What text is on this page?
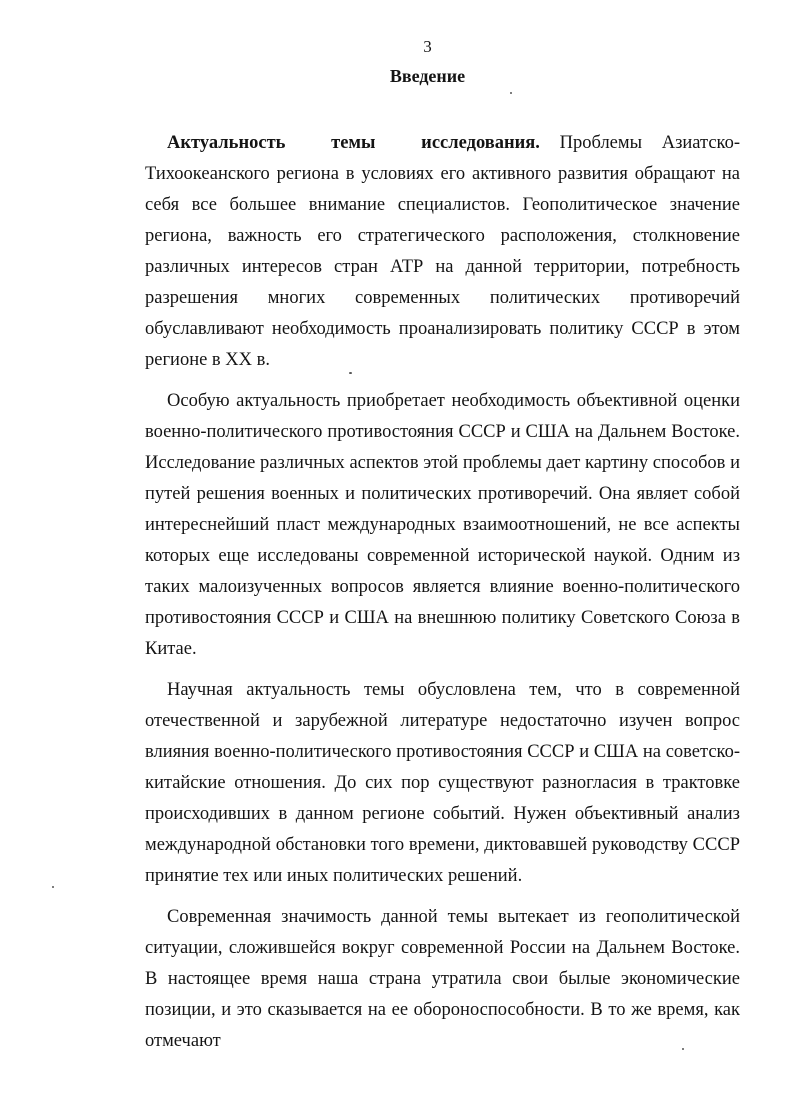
3
Введение

Актуальность темы исследования. Проблемы Азиатско-Тихоокеанского региона в условиях его активного развития обращают на себя все большее внимание специалистов. Геополитическое значение региона, важность его стратегического расположения, столкновение различных интересов стран АТР на данной территории, потребность разрешения многих современных политических противоречий обуславливают необходимость проанализировать политику СССР в этом регионе в XX в.

Особую актуальность приобретает необходимость объективной оценки военно-политического противостояния СССР и США на Дальнем Востоке. Исследование различных аспектов этой проблемы дает картину способов и путей решения военных и политических противоречий. Она являет собой интереснейший пласт международных взаимоотношений, не все аспекты которых еще исследованы современной исторической наукой. Одним из таких малоизученных вопросов является влияние военно-политического противостояния СССР и США на внешнюю политику Советского Союза в Китае.

Научная актуальность темы обусловлена тем, что в современной отечественной и зарубежной литературе недостаточно изучен вопрос влияния военно-политического противостояния СССР и США на советско-китайские отношения. До сих пор существуют разногласия в трактовке происходивших в данном регионе событий. Нужен объективный анализ международной обстановки того времени, диктовавшей руководству СССР принятие тех или иных политических решений.

Современная значимость данной темы вытекает из геополитической ситуации, сложившейся вокруг современной России на Дальнем Востоке. В настоящее время наша страна утратила свои былые экономические позиции, и это сказывается на ее обороноспособности. В то же время, как отмечают
